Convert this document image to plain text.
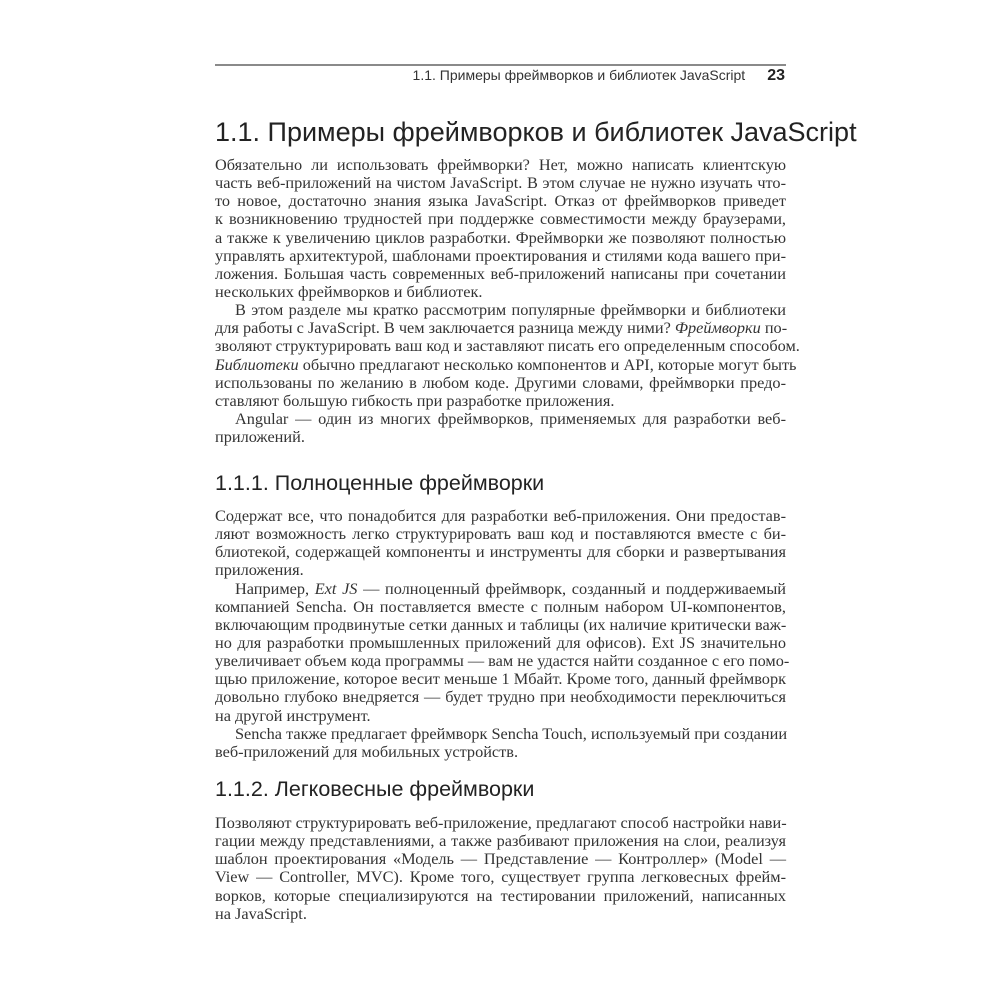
1.1. Примеры фреймворков и библиотек JavaScript 23
1.1. Примеры фреймворков и библиотек JavaScript
Обязательно ли использовать фреймворки? Нет, можно написать клиентскую
часть веб-приложений на чистом JavaScript. В этом случае не нужно изучать что-
то новое, достаточно знания языка JavaScript. Отказ от фреймворков приведет
к возникновению трудностей при поддержке совместимости между браузерами,
а также к увеличению циклов разработки. Фреймворки же позволяют полностью
управлять архитектурой, шаблонами проектирования и стилями кода вашего при-
ложения. Большая часть современных веб-приложений написаны при сочетании
нескольких фреймворков и библиотек.
В этом разделе мы кратко рассмотрим популярные фреймворки и библиотеки
для работы с JavaScript. В чем заключается разница между ними? Фреймворки по-
зволяют структурировать ваш код и заставляют писать его определенным способом.
Библиотеки обычно предлагают несколько компонентов и API, которые могут быть
использованы по желанию в любом коде. Другими словами, фреймворки предо-
ставляют большую гибкость при разработке приложения.
Angular — один из многих фреймворков, применяемых для разработки веб-
приложений.
1.1.1. Полноценные фреймворки
Содержат все, что понадобится для разработки веб-приложения. Они предостав-
ляют возможность легко структурировать ваш код и поставляются вместе с би-
блиотекой, содержащей компоненты и инструменты для сборки и развертывания
приложения.
Например, Ext JS — полноценный фреймворк, созданный и поддерживаемый
компанией Sencha. Он поставляется вместе с полным набором UI-компонентов,
включающим продвинутые сетки данных и таблицы (их наличие критически важ-
но для разработки промышленных приложений для офисов). Ext JS значительно
увеличивает объем кода программы — вам не удастся найти созданное с его помо-
щью приложение, которое весит меньше 1 Мбайт. Кроме того, данный фреймворк
довольно глубоко внедряется — будет трудно при необходимости переключиться
на другой инструмент.
Sencha также предлагает фреймворк Sencha Touch, используемый при создании
веб-приложений для мобильных устройств.
1.1.2. Легковесные фреймворки
Позволяют структурировать веб-приложение, предлагают способ настройки нави-
гации между представлениями, а также разбивают приложения на слои, реализуя
шаблон проектирования «Модель — Представление — Контроллер» (Model —
View — Controller, MVC). Кроме того, существует группа легковесных фрейм-
ворков, которые специализируются на тестировании приложений, написанных
на JavaScript.
